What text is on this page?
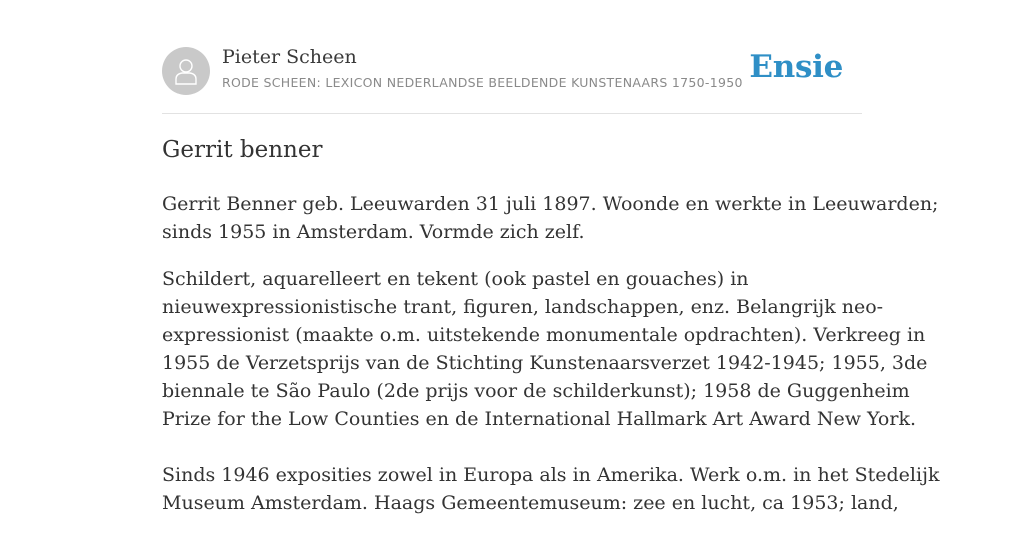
Pieter Scheen
RODE SCHEEN: LEXICON NEDERLANDSE BEELDENDE KUNSTENAARS 1750-1950 Ensie
Gerrit benner

Gerrit Benner geb. Leeuwarden 31 juli 1897. Woonde en werkte in Leeuwarden;
sinds 1955 in Amsterdam. Vormde zich zelf.

Schildert, aquarelleert en tekent (ook pastel en gouaches) in
nieuwexpressionistische trant, figuren, landschappen, enz. Belangrijk neo-
expressionist (maakte o.m. uitstekende monumentale opdrachten). Verkreeg in
1955 de Verzetsprijs van de Stichting Kunstenaarsverzet 1942-1945; 1955, 3de
biennale te São Paulo (2de prijs voor de schilderkunst); 1958 de Guggenheim
Prize for the Low Counties en de International Hallmark Art Award New York.
Sinds 1946 exposities zowel in Europa als in Amerika. Werk o.m. in het Stedelijk
Museum Amsterdam. Haags Gemeentemuseum: zee en lucht, ca 1953; land,
